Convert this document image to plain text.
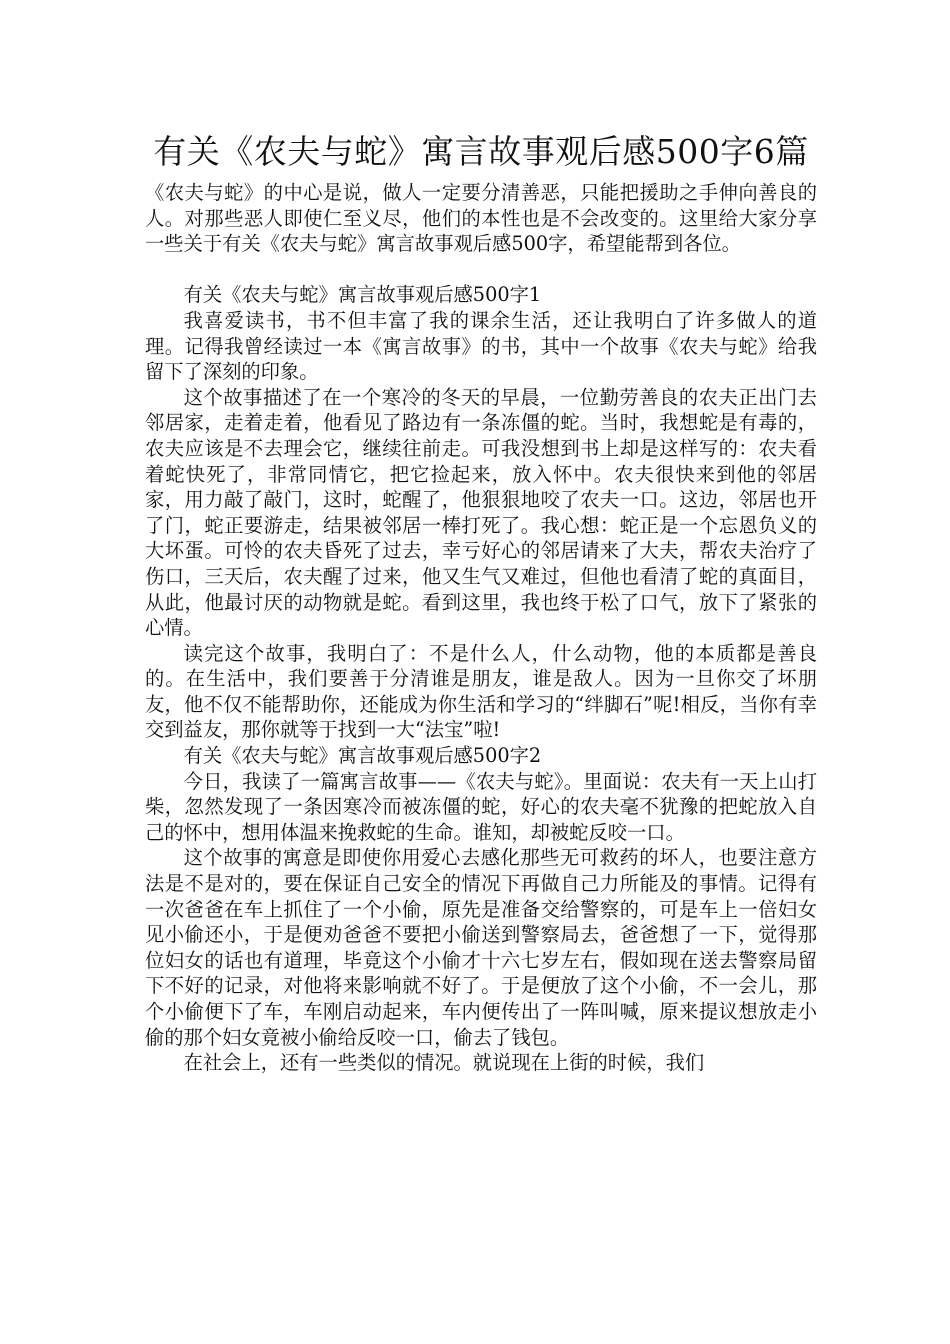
有关《农夫与蛇》寓言故事观后感500字6篇

《农夫与蛇》的中心是说，做人一定要分清善恶，只能把援助之手伸向善良的人。对那些恶人即使仁至义尽，他们的本性也是不会改变的。这里给大家分享一些关于有关《农夫与蛇》寓言故事观后感500字，希望能帮到各位。

有关《农夫与蛇》寓言故事观后感500字1

我喜爱读书，书不但丰富了我的课余生活，还让我明白了许多做人的道理。记得我曾经读过一本《寓言故事》的书，其中一个故事《农夫与蛇》给我留下了深刻的印象。

这个故事描述了在一个寒冷的冬天的早晨，一位勤劳善良的农夫正出门去邻居家，走着走着，他看见了路边有一条冻僵的蛇。当时，我想蛇是有毒的，农夫应该是不去理会它，继续往前走。可我没想到书上却是这样写的：农夫看着蛇快死了，非常同情它，把它捡起来，放入怀中。农夫很快来到他的邻居家，用力敲了敲门，这时，蛇醒了，他狠狠地咬了农夫一口。这边，邻居也开了门，蛇正要游走，结果被邻居一棒打死了。我心想：蛇正是一个忘恩负义的大坏蛋。可怜的农夫昏死了过去，幸亏好心的邻居请来了大夫，帮农夫治疗了伤口，三天后，农夫醒了过来，他又生气又难过，但他也看清了蛇的真面目，从此，他最讨厌的动物就是蛇。看到这里，我也终于松了口气，放下了紧张的心情。

读完这个故事，我明白了：不是什么人，什么动物，他的本质都是善良的。在生活中，我们要善于分清谁是朋友，谁是敌人。因为一旦你交了坏朋友，他不仅不能帮助你，还能成为你生活和学习的“绊脚石”呢!相反，当你有幸交到益友，那你就等于找到一大“法宝”啦!

有关《农夫与蛇》寓言故事观后感500字2

今日，我读了一篇寓言故事——《农夫与蛇》。里面说：农夫有一天上山打柴，忽然发现了一条因寒冷而被冻僵的蛇，好心的农夫毫不犹豫的把蛇放入自己的怀中，想用体温来挽救蛇的生命。谁知，却被蛇反咬一口。

这个故事的寓意是即使你用爱心去感化那些无可救药的坏人，也要注意方法是不是对的，要在保证自己安全的情况下再做自己力所能及的事情。记得有一次爸爸在车上抓住了一个小偷，原先是准备交给警察的，可是车上一倍妇女见小偷还小，于是便劝爸爸不要把小偷送到警察局去，爸爸想了一下，觉得那位妇女的话也有道理，毕竟这个小偷才十六七岁左右，假如现在送去警察局留下不好的记录，对他将来影响就不好了。于是便放了这个小偷，不一会儿，那个小偷便下了车，车刚启动起来，车内便传出了一阵叫喊，原来提议想放走小偷的那个妇女竟被小偷给反咬一口，偷去了钱包。

在社会上，还有一些类似的情况。就说现在上街的时候，我们
